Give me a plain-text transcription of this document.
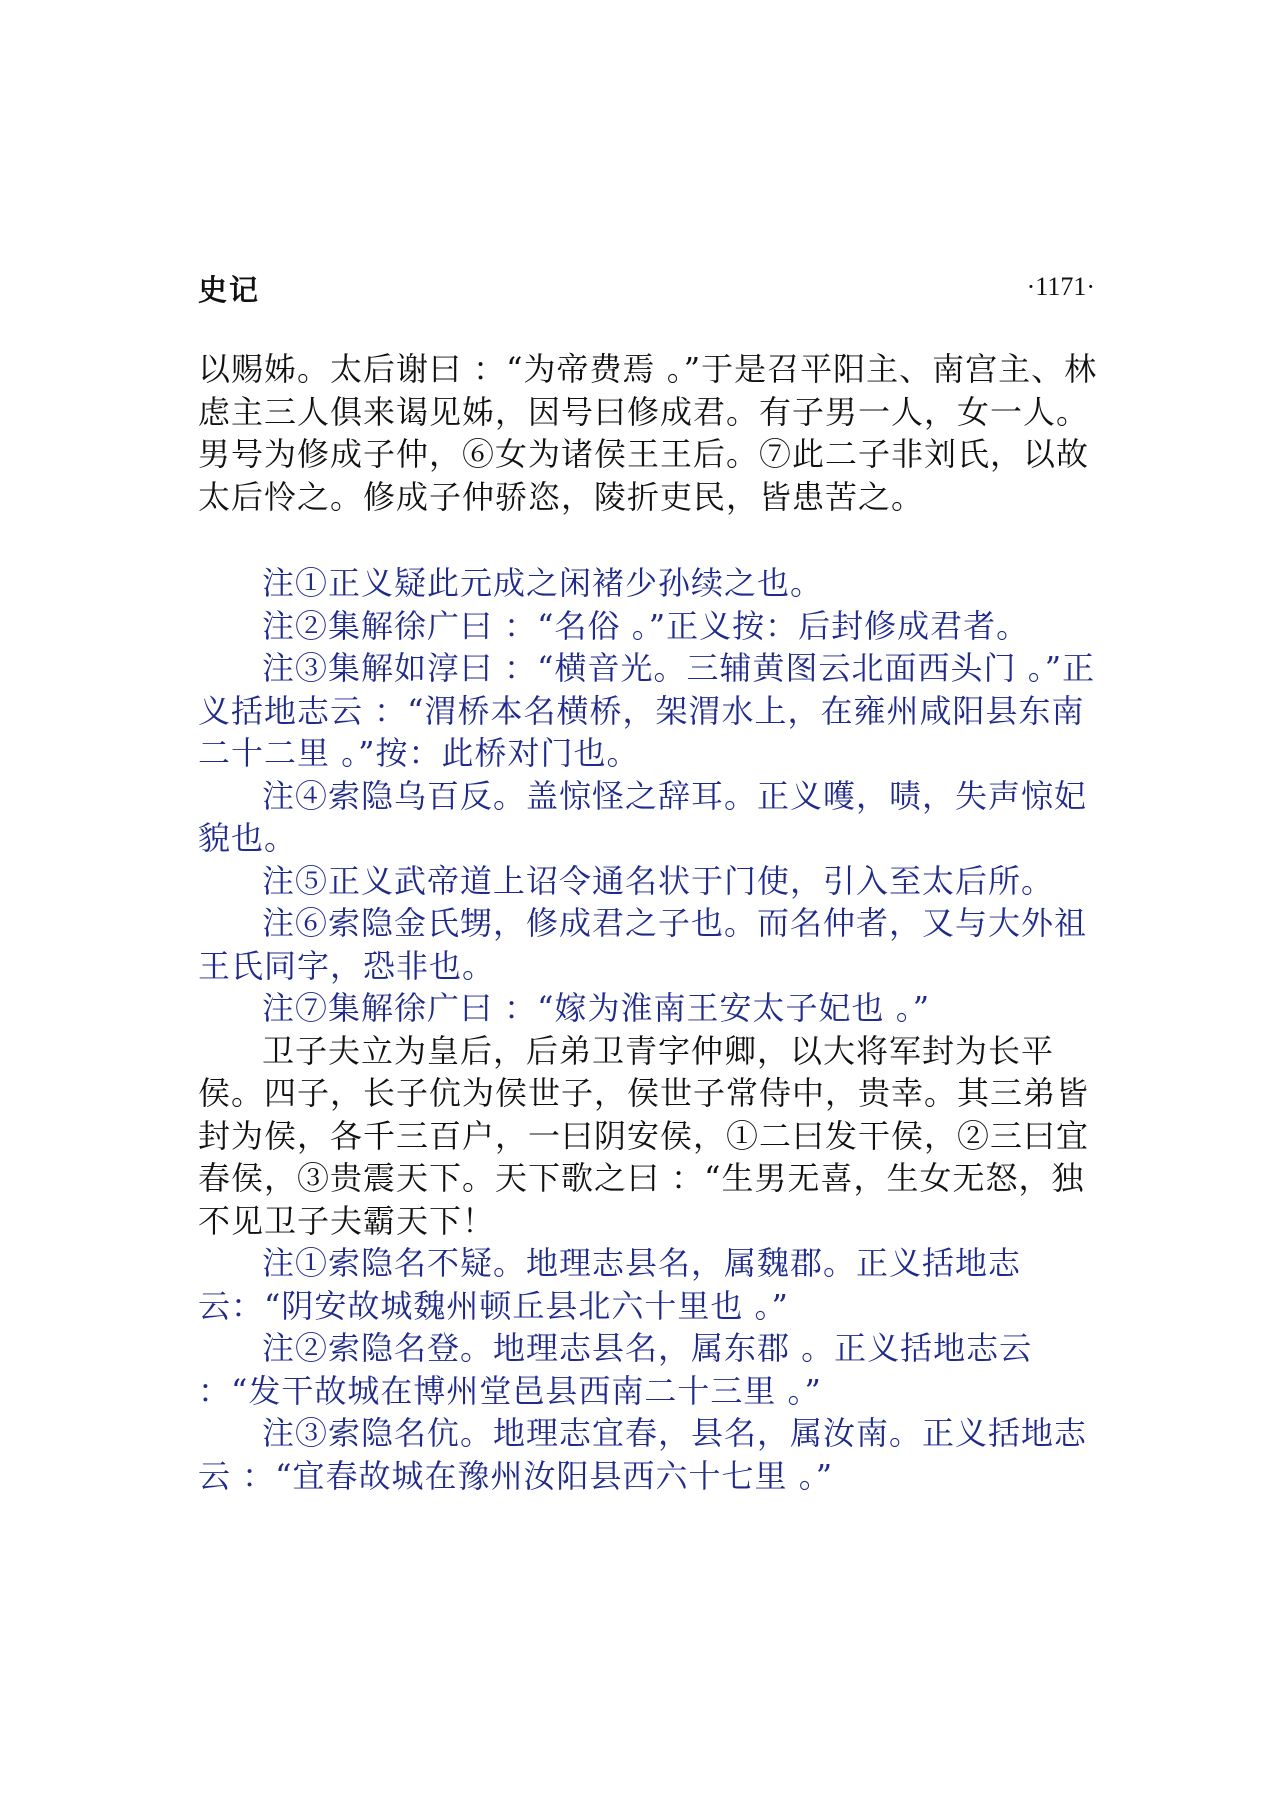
史记	·1171·

以赐姊。太后谢曰 ：“为帝费焉 。”于是召平阳主、南宫主、林虑主三人俱来谒见姊，因号曰修成君。有子男一人，女一人。男号为修成子仲，⑥女为诸侯王王后。⑦此二子非刘氏，以故太后怜之。修成子仲骄恣，陵折吏民，皆患苦之。

注①正义疑此元成之闲褚少孙续之也。

注②集解徐广曰 ：“名俗 。”正义按：后封修成君者。

注③集解如淳曰 ：“横音光。三辅黄图云北面西头门 。”正义括地志云 ：“渭桥本名横桥，架渭水上，在雍州咸阳县东南二十二里 。”按：此桥对门也。

注④索隐乌百反。盖惊怪之辞耳。正义嚄，啧，失声惊妃貌也。

注⑤正义武帝道上诏令通名状于门使，引入至太后所。

注⑥索隐金氏甥，修成君之子也。而名仲者，又与大外祖王氏同字，恐非也。

注⑦集解徐广曰 ：“嫁为淮南王安太子妃也 。”

卫子夫立为皇后，后弟卫青字仲卿，以大将军封为长平侯。四子，长子伉为侯世子，侯世子常侍中，贵幸。其三弟皆封为侯，各千三百户，一曰阴安侯，①二曰发干侯，②三曰宜春侯，③贵震天下。天下歌之曰 ：“生男无喜，生女无怒，独不见卫子夫霸天下！

注①索隐名不疑。地理志县名，属魏郡。正义括地志云：“阴安故城魏州顿丘县北六十里也 。”

注②索隐名登。地理志县名，属东郡 。正义括地志云 ：“发干故城在博州堂邑县西南二十三里 。”

注③索隐名伉。地理志宜春，县名，属汝南。正义括地志云 ：“宜春故城在豫州汝阳县西六十七里 。”
